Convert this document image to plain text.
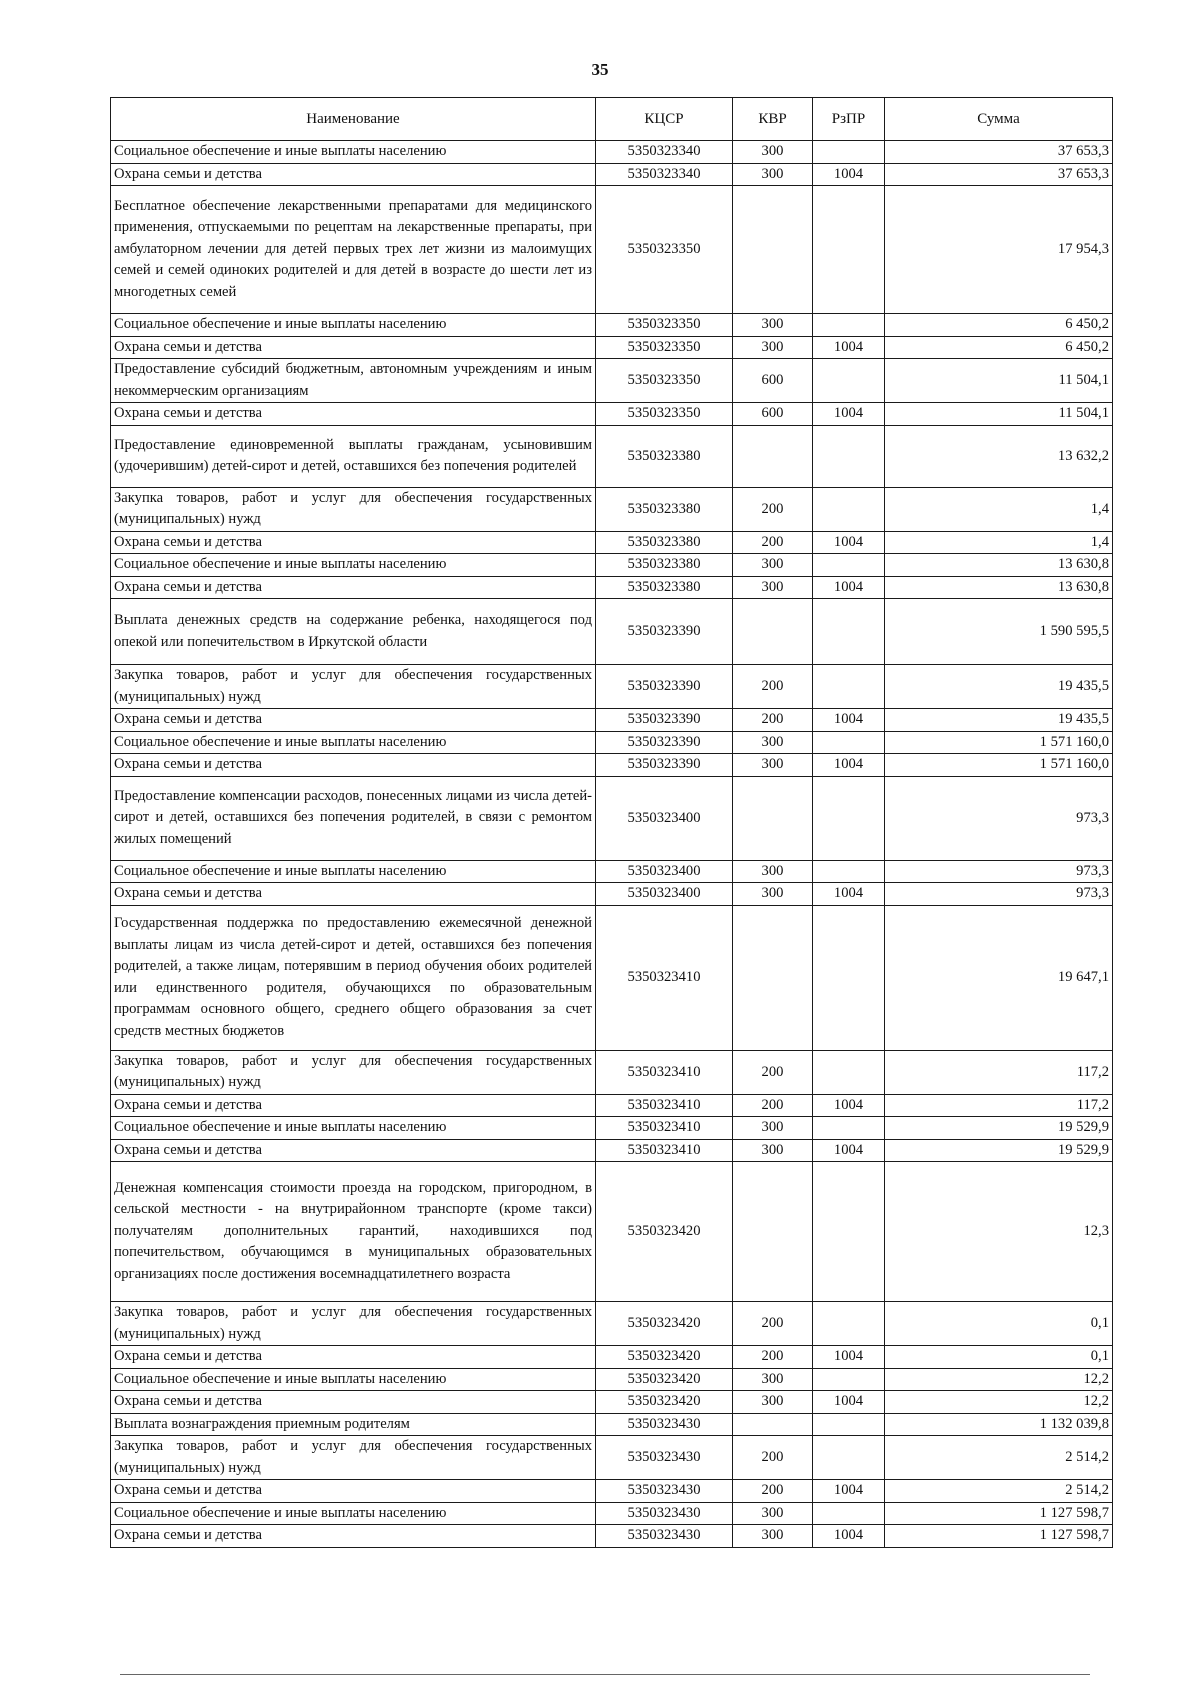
35
Наименование	КЦСР	КВР	РзПР	Сумма
Социальное обеспечение и иные выплаты населению	5350323340	300		37 653,3
Охрана семьи и детства	5350323340	300	1004	37 653,3
Бесплатное обеспечение лекарственными препаратами для медицинского применения, отпускаемыми по рецептам на лекарственные препараты, при амбулаторном лечении для детей первых трех лет жизни из малоимущих семей и семей одиноких родителей и для детей в возрасте до шести лет из многодетных семей	5350323350			17 954,3
Социальное обеспечение и иные выплаты населению	5350323350	300		6 450,2
Охрана семьи и детства	5350323350	300	1004	6 450,2
Предоставление субсидий бюджетным, автономным учреждениям и иным некоммерческим организациям	5350323350	600		11 504,1
Охрана семьи и детства	5350323350	600	1004	11 504,1
Предоставление единовременной выплаты гражданам, усыновившим (удочерившим) детей-сирот и детей, оставшихся без попечения родителей	5350323380			13 632,2
Закупка товаров, работ и услуг для обеспечения государственных (муниципальных) нужд	5350323380	200		1,4
Охрана семьи и детства	5350323380	200	1004	1,4
Социальное обеспечение и иные выплаты населению	5350323380	300		13 630,8
Охрана семьи и детства	5350323380	300	1004	13 630,8
Выплата денежных средств на содержание ребенка, находящегося под опекой или попечительством в Иркутской области	5350323390			1 590 595,5
Закупка товаров, работ и услуг для обеспечения государственных (муниципальных) нужд	5350323390	200		19 435,5
Охрана семьи и детства	5350323390	200	1004	19 435,5
Социальное обеспечение и иные выплаты населению	5350323390	300		1 571 160,0
Охрана семьи и детства	5350323390	300	1004	1 571 160,0
Предоставление компенсации расходов, понесенных лицами из числа детей-сирот и детей, оставшихся без попечения родителей, в связи с ремонтом жилых помещений	5350323400			973,3
Социальное обеспечение и иные выплаты населению	5350323400	300		973,3
Охрана семьи и детства	5350323400	300	1004	973,3
Государственная поддержка по предоставлению ежемесячной денежной выплаты лицам из числа детей-сирот и детей, оставшихся без попечения родителей, а также лицам, потерявшим в период обучения обоих родителей или единственного родителя, обучающихся по образовательным программам основного общего, среднего общего образования за счет средств местных бюджетов	5350323410			19 647,1
Закупка товаров, работ и услуг для обеспечения государственных (муниципальных) нужд	5350323410	200		117,2
Охрана семьи и детства	5350323410	200	1004	117,2
Социальное обеспечение и иные выплаты населению	5350323410	300		19 529,9
Охрана семьи и детства	5350323410	300	1004	19 529,9
Денежная компенсация стоимости проезда на городском, пригородном, в сельской местности - на внутрирайонном транспорте (кроме такси) получателям дополнительных гарантий, находившихся под попечительством, обучающимся в муниципальных образовательных организациях после достижения восемнадцатилетнего возраста	5350323420			12,3
Закупка товаров, работ и услуг для обеспечения государственных (муниципальных) нужд	5350323420	200		0,1
Охрана семьи и детства	5350323420	200	1004	0,1
Социальное обеспечение и иные выплаты населению	5350323420	300		12,2
Охрана семьи и детства	5350323420	300	1004	12,2
Выплата вознаграждения приемным родителям	5350323430			1 132 039,8
Закупка товаров, работ и услуг для обеспечения государственных (муниципальных) нужд	5350323430	200		2 514,2
Охрана семьи и детства	5350323430	200	1004	2 514,2
Социальное обеспечение и иные выплаты населению	5350323430	300		1 127 598,7
Охрана семьи и детства	5350323430	300	1004	1 127 598,7
